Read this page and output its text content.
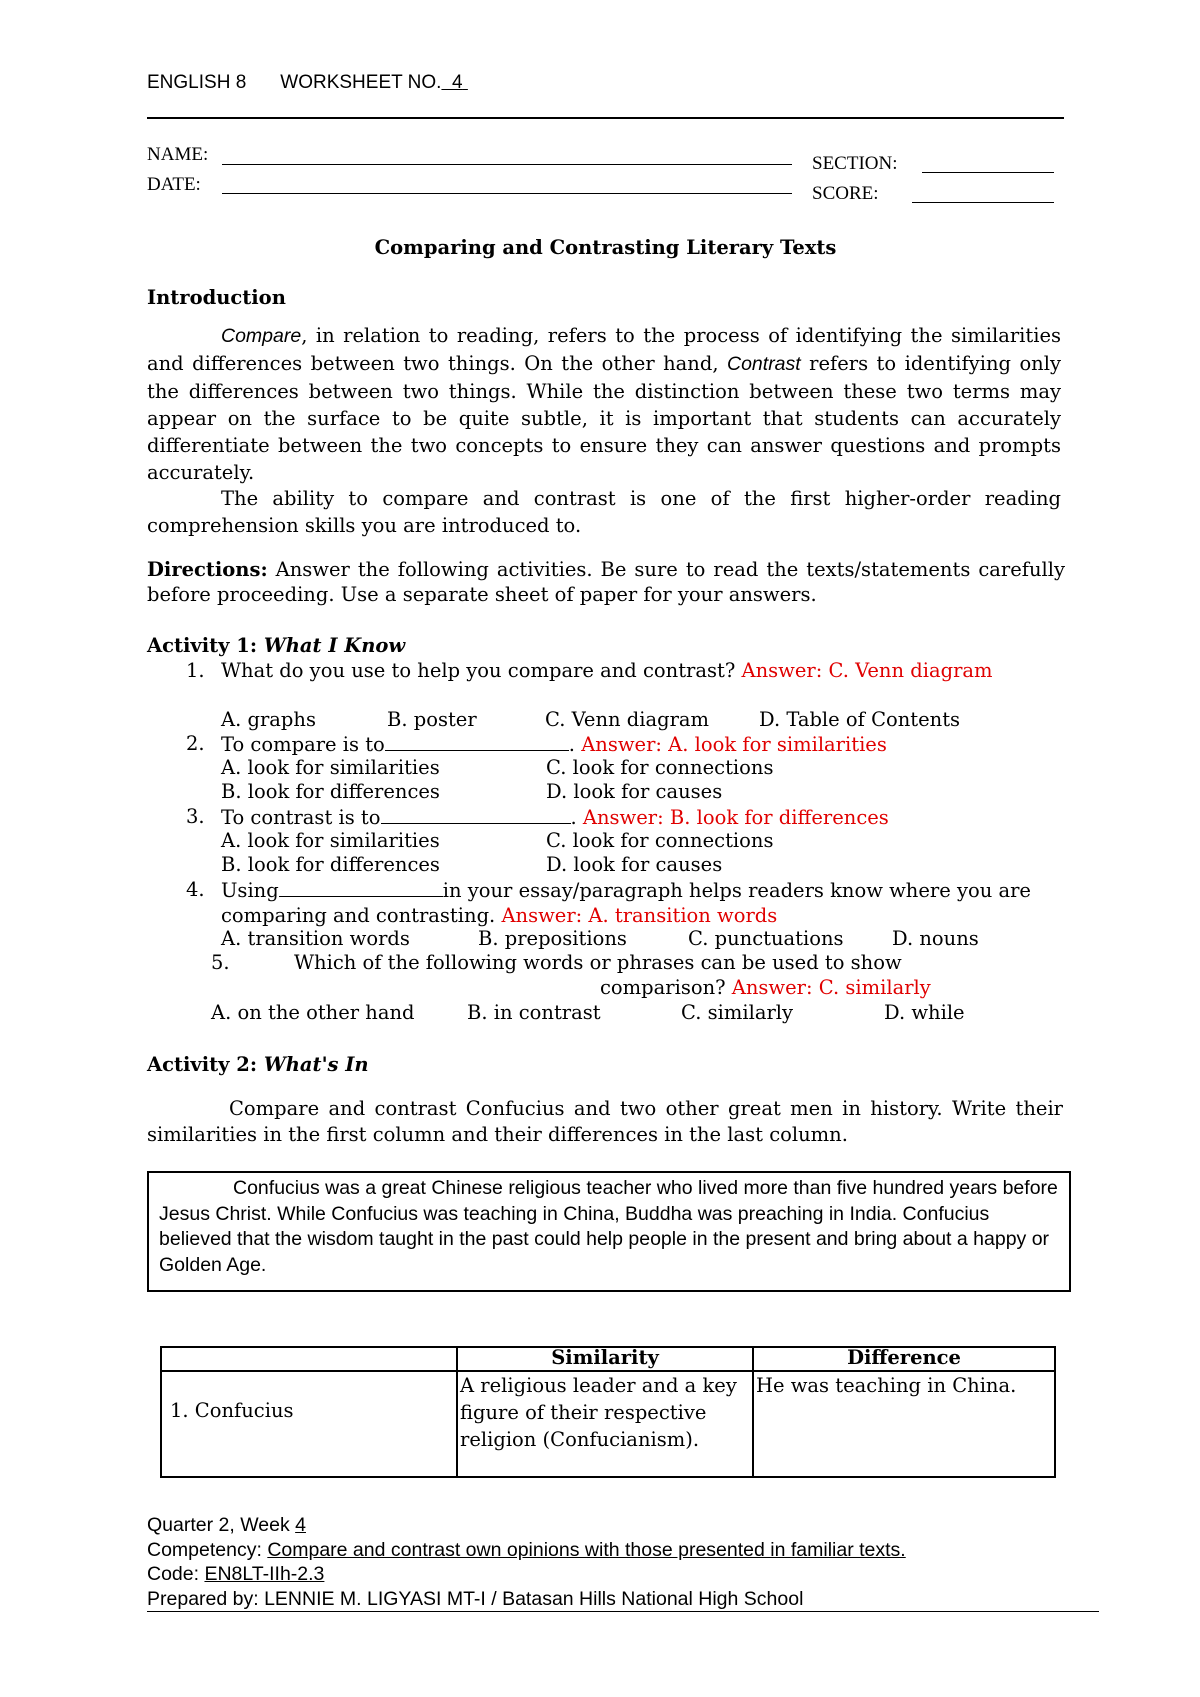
ENGLISH 8 WORKSHEET NO. 4
NAME:
DATE:
SECTION:
SCORE:
Comparing and Contrasting Literary Texts
Introduction
Compare, in relation to reading, refers to the process of identifying the similarities and differences between two things. On the other hand, Contrast refers to identifying only the differences between two things. While the distinction between these two terms may appear on the surface to be quite subtle, it is important that students can accurately differentiate between the two concepts to ensure they can answer questions and prompts accurately.
The ability to compare and contrast is one of the first higher-order reading comprehension skills you are introduced to.
Directions: Answer the following activities. Be sure to read the texts/statements carefully before proceeding. Use a separate sheet of paper for your answers.
Activity 1: What I Know
1. What do you use to help you compare and contrast? Answer: C. Venn diagram
A. graphs	B. poster	C. Venn diagram	D. Table of Contents
2. To compare is to	. Answer: A. look for similarities
A. look for similarities	C. look for connections
B. look for differences	D. look for causes
3. To contrast is to	. Answer: B. look for differences
A. look for similarities	C. look for connections
B. look for differences	D. look for causes
4. Using	in your essay/paragraph helps readers know where you are comparing and contrasting. Answer: A. transition words
A. transition words	B. prepositions	C. punctuations D. nouns
5.	Which of the following words or phrases can be used to show
comparison? Answer: C. similarly
A. on the other hand	B. in contrast	C. similarly	D. while
Activity 2: What's In
Compare and contrast Confucius and two other great men in history. Write their similarities in the first column and their differences in the last column.
Confucius was a great Chinese religious teacher who lived more than five hundred years before Jesus Christ. While Confucius was teaching in China, Buddha was preaching in India. Confucius believed that the wisdom taught in the past could help people in the present and bring about a happy or Golden Age.
	Similarity	Difference
1. Confucius	A religious leader and a key figure of their respective religion (Confucianism).	He was teaching in China.
Quarter 2, Week 4
Competency: Compare and contrast own opinions with those presented in familiar texts.
Code: EN8LT-IIh-2.3
Prepared by: LENNIE M. LIGYASI MT-I / Batasan Hills National High School
